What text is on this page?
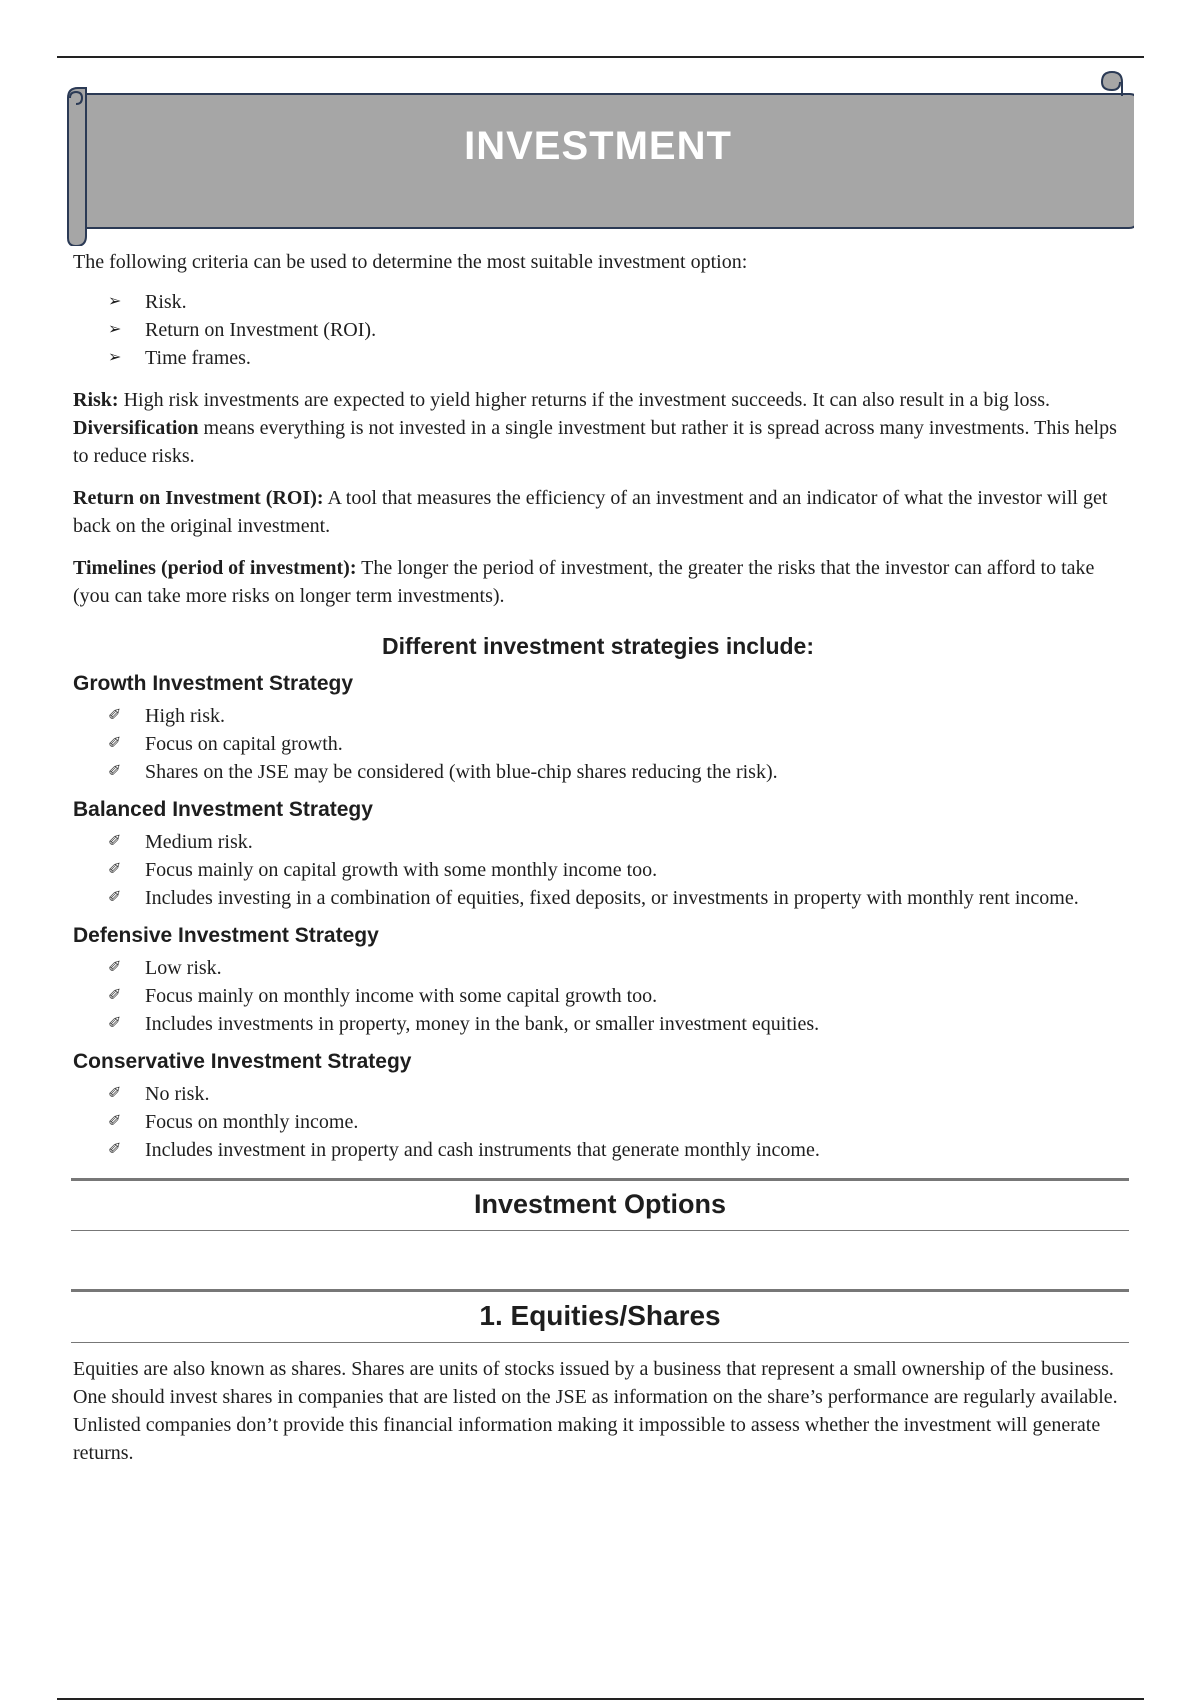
INVESTMENT

The following criteria can be used to determine the most suitable investment option:

➢ Risk.
➢ Return on Investment (ROI).
➢ Time frames.

Risk: High risk investments are expected to yield higher returns if the investment succeeds. It can also result in a big loss. Diversification means everything is not invested in a single investment but rather it is spread across many investments. This helps to reduce risks.

Return on Investment (ROI): A tool that measures the efficiency of an investment and an indicator of what the investor will get back on the original investment.

Timelines (period of investment): The longer the period of investment, the greater the risks that the investor can afford to take (you can take more risks on longer term investments).

Different investment strategies include:
Growth Investment Strategy
✐ High risk.
✐ Focus on capital growth.
✐ Shares on the JSE may be considered (with blue-chip shares reducing the risk).
Balanced Investment Strategy
✐ Medium risk.
✐ Focus mainly on capital growth with some monthly income too.
✐ Includes investing in a combination of equities, fixed deposits, or investments in property with monthly rent income.
Defensive Investment Strategy
✐ Low risk.
✐ Focus mainly on monthly income with some capital growth too.
✐ Includes investments in property, money in the bank, or smaller investment equities.
Conservative Investment Strategy
✐ No risk.
✐ Focus on monthly income.
✐ Includes investment in property and cash instruments that generate monthly income.
Investment Options
1. Equities/Shares

Equities are also known as shares. Shares are units of stocks issued by a business that represent a small ownership of the business. One should invest shares in companies that are listed on the JSE as information on the share’s performance are regularly available. Unlisted companies don’t provide this financial information making it impossible to assess whether the investment will generate returns.
